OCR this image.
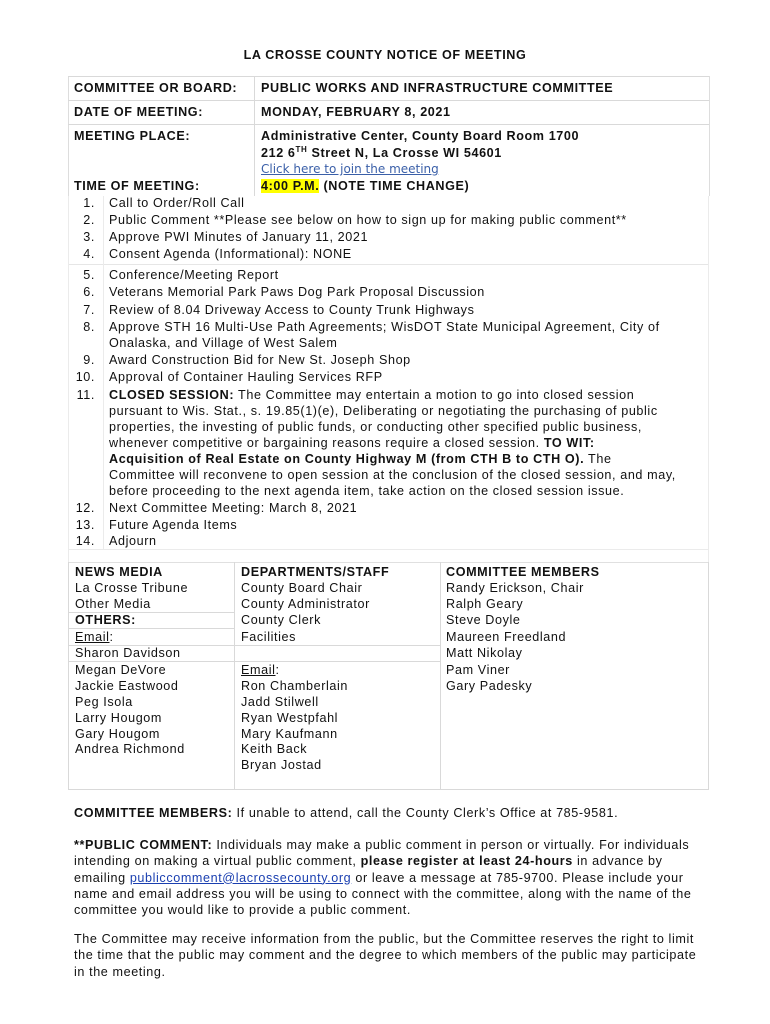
LA CROSSE COUNTY NOTICE OF MEETING
COMMITTEE OR BOARD: PUBLIC WORKS AND INFRASTRUCTURE COMMITTEE
DATE OF MEETING:	MONDAY, FEBRUARY 8, 2021
MEETING PLACE:	Administrative Center, County Board Room 1700
212 6TH Street N, La Crosse WI 54601
Click here to join the meeting
TIME OF MEETING:	4:00 P.M. (NOTE TIME CHANGE)
1. Call to Order/Roll Call
2. Public Comment **Please see below on how to sign up for making public comment**
3. Approve PWI Minutes of January 11, 2021
4. Consent Agenda (Informational): NONE
5. Conference/Meeting Report
6. Veterans Memorial Park Paws Dog Park Proposal Discussion
7. Review of 8.04 Driveway Access to County Trunk Highways
8. Approve STH 16 Multi-Use Path Agreements; WisDOT State Municipal Agreement, City of
Onalaska, and Village of West Salem
9. Award Construction Bid for New St. Joseph Shop
10. Approval of Container Hauling Services RFP
11. CLOSED SESSION: The Committee may entertain a motion to go into closed session
pursuant to Wis. Stat., s. 19.85(1)(e), Deliberating or negotiating the purchasing of public
properties, the investing of public funds, or conducting other specified public business,
whenever competitive or bargaining reasons require a closed session. TO WIT:
Acquisition of Real Estate on County Highway M (from CTH B to CTH O). The
Committee will reconvene to open session at the conclusion of the closed session, and may,
before proceeding to the next agenda item, take action on the closed session issue.
12. Next Committee Meeting: March 8, 2021
13. Future Agenda Items
14. Adjourn
NEWS MEDIA
La Crosse Tribune
Other Media
OTHERS:
Email:
Sharon Davidson
Megan DeVore
Jackie Eastwood
Peg Isola
Larry Hougom
Gary Hougom
Andrea Richmond
DEPARTMENTS/STAFF
County Board Chair
County Administrator
County Clerk
Facilities
Email:
Ron Chamberlain
Jadd Stilwell
Ryan Westpfahl
Mary Kaufmann
Keith Back
Bryan Jostad
COMMITTEE MEMBERS
Randy Erickson, Chair
Ralph Geary
Steve Doyle
Maureen Freedland
Matt Nikolay
Pam Viner
Gary Padesky
COMMITTEE MEMBERS: If unable to attend, call the County Clerk’s Office at 785-9581.
**PUBLIC COMMENT: Individuals may make a public comment in person or virtually. For individuals intending on making a virtual public comment, please register at least 24-hours in advance by emailing publiccomment@lacrossecounty.org or leave a message at 785-9700. Please include your name and email address you will be using to connect with the committee, along with the name of the committee you would like to provide a public comment.
The Committee may receive information from the public, but the Committee reserves the right to limit the time that the public may comment and the degree to which members of the public may participate in the meeting.
